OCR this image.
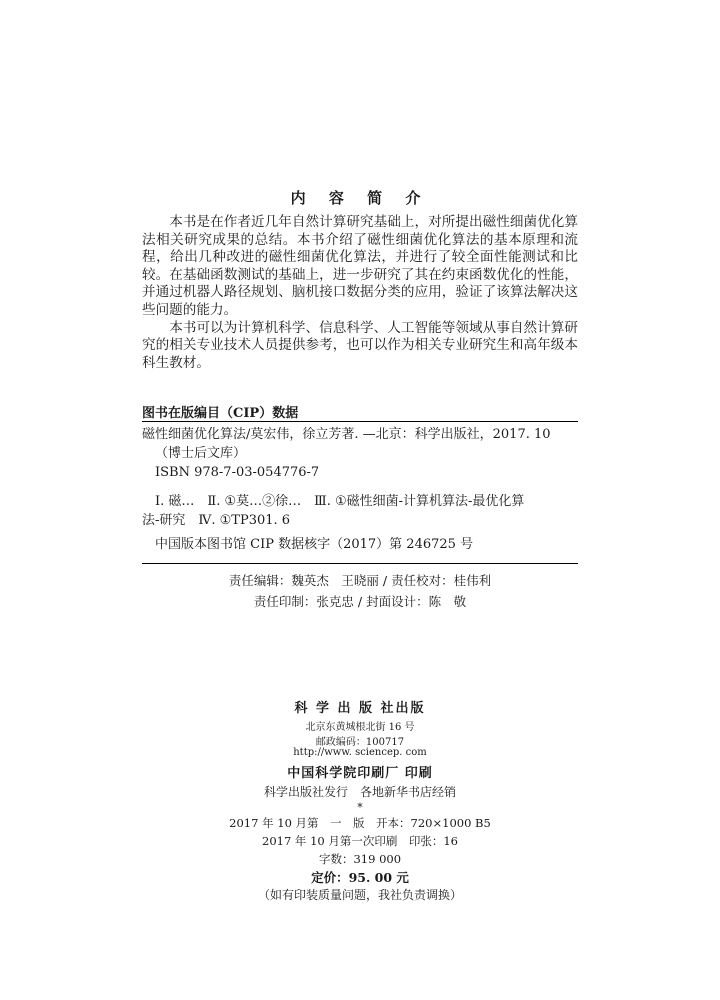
内 容 简 介

本书是在作者近几年自然计算研究基础上，对所提出磁性细菌优化算法相关研究成果的总结。本书介绍了磁性细菌优化算法的基本原理和流程，给出几种改进的磁性细菌优化算法，并进行了较全面性能测试和比较。在基础函数测试的基础上，进一步研究了其在约束函数优化的性能，并通过机器人路径规划、脑机接口数据分类的应用，验证了该算法解决这些问题的能力。

本书可以为计算机科学、信息科学、人工智能等领域从事自然计算研究的相关专业技术人员提供参考，也可以作为相关专业研究生和高年级本科生教材。

图书在版编目（CIP）数据
磁性细菌优化算法/莫宏伟，徐立芳著. —北京：科学出版社，2017. 10
（博士后文库）
ISBN 978-7-03-054776-7
Ⅰ. 磁…　Ⅱ. ①莫…②徐…　Ⅲ. ①磁性细菌-计算机算法-最优化算
法-研究　Ⅳ. ①TP301. 6
中国版本图书馆 CIP 数据核字（2017）第 246725 号
责任编辑：魏英杰　王晓丽 / 责任校对：桂伟利
责任印制：张克忠 / 封面设计：陈　敬
科 学 出 版 社出版
北京东黄城根北街 16 号
邮政编码：100717
http://www. sciencep. com
中国科学院印刷厂 印刷
科学出版社发行　各地新华书店经销
*
2017 年 10 月第　一　版　开本：720×1000 B5
2017 年 10 月第一次印刷　印张：16
字数：319 000
定价：95. 00 元
（如有印装质量问题，我社负责调换）
